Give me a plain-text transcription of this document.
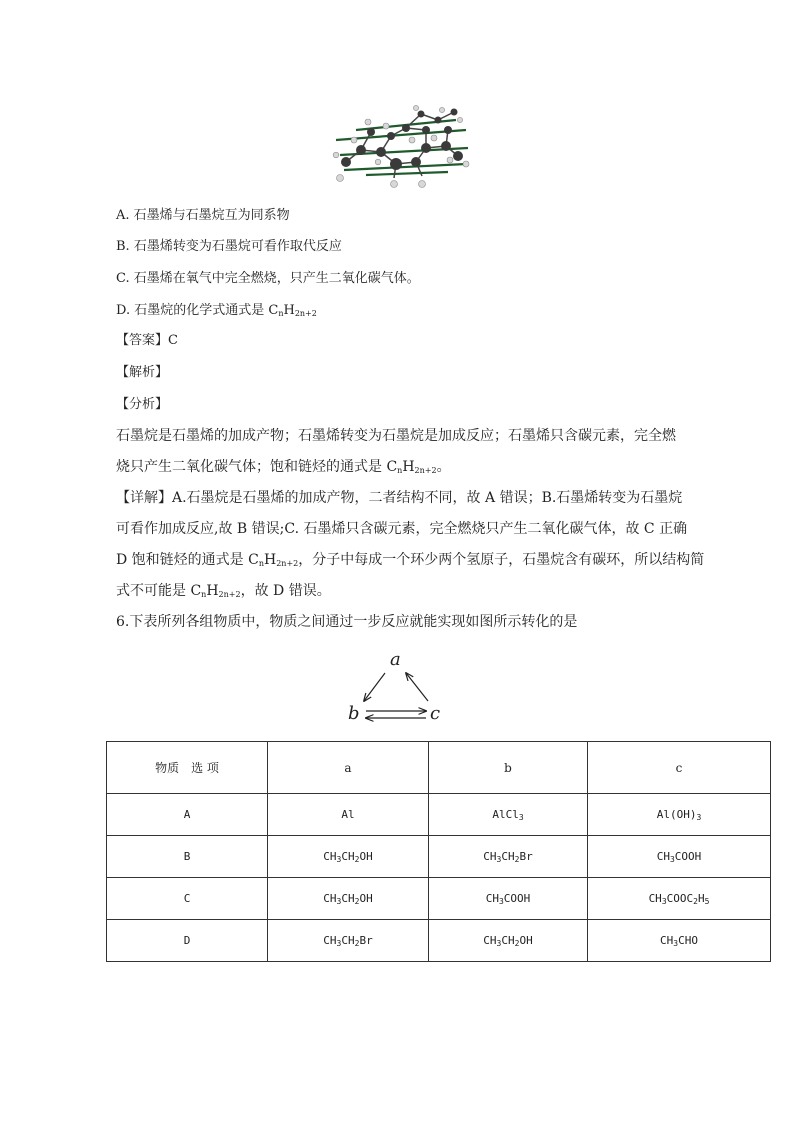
A. 石墨烯与石墨烷互为同系物
B. 石墨烯转变为石墨烷可看作取代反应
C. 石墨烯在氧气中完全燃烧，只产生二氧化碳气体。
D. 石墨烷的化学式通式是 $C_nH_{2n+2}$
【答案】C
【解析】
【分析】
石墨烷是石墨烯的加成产物；石墨烯转变为石墨烷是加成反应；石墨烯只含碳元素，完全燃
烧只产生二氧化碳气体；饱和链烃的通式是 $C_nH_{2n+2}$。
【详解】A.石墨烷是石墨烯的加成产物，二者结构不同，故 A 错误；B.石墨烯转变为石墨烷
可看作加成反应,故 B 错误;C. 石墨烯只含碳元素，完全燃烧只产生二氧化碳气体，故 C 正确
D 饱和链烃的通式是 $C_nH_{2n+2}$，分子中每成一个环少两个氢原子，石墨烷含有碳环，所以结构简
式不可能是 $C_nH_{2n+2}$，故 D 错误。
6.下表所列各组物质中，物质之间通过一步反应就能实现如图所示转化的是
a
b	c
物质　选 项	a	b	c
A	Al	AlCl$_3$	$Al(OH)_3$
B	$CH_3CH_2OH$	$CH_3CH_2Br$	$CH_3COOH$
C	$CH_3CH_2OH$	$CH_3COOH$	$CH_3COOC_2H_5$
D	$CH_3CH_2Br$	$CH_3CH_2OH$	$CH_3CHO$
